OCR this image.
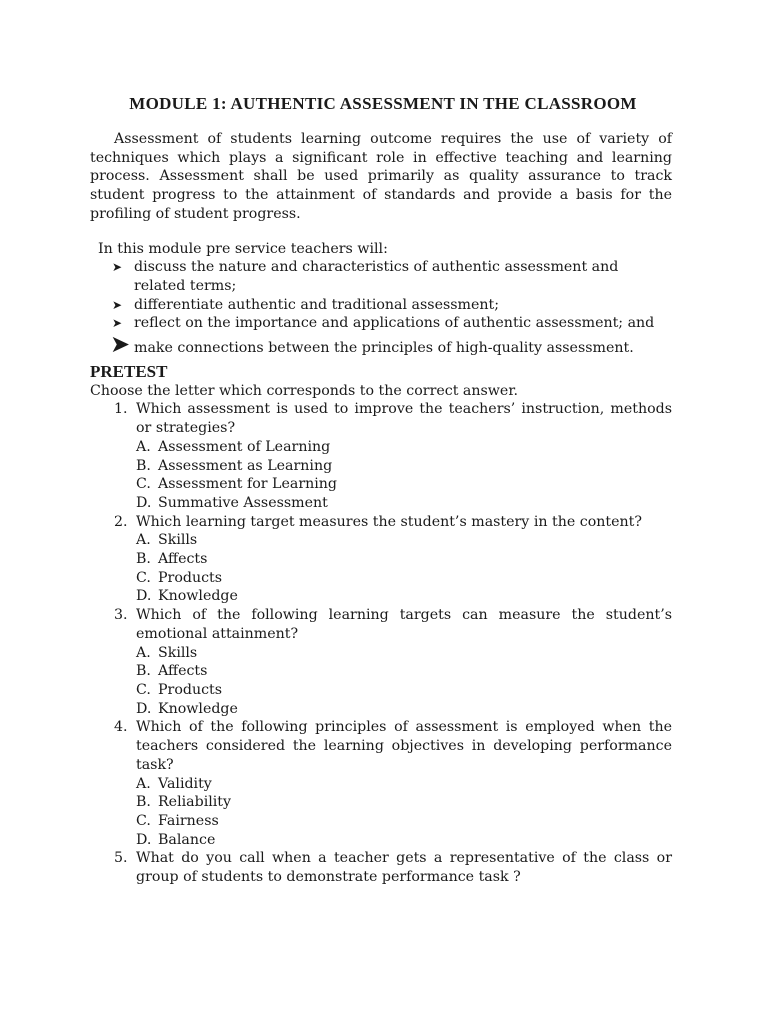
MODULE 1: AUTHENTIC ASSESSMENT IN THE CLASSROOM

Assessment of students learning outcome requires the use of variety of techniques which plays a significant role in effective teaching and learning process. Assessment shall be used primarily as quality assurance to track student progress to the attainment of standards and provide a basis for the profiling of student progress.

In this module pre service teachers will:

➤ discuss the nature and characteristics of authentic assessment and related terms;
➤ differentiate authentic and traditional assessment;
➤ reflect on the importance and applications of authentic assessment; and
➤ make connections between the principles of high-quality assessment.
PRETEST

Choose the letter which corresponds to the correct answer.

1. Which assessment is used to improve the teachers’ instruction, methods or strategies?
A. Assessment of Learning
B. Assessment as Learning
C. Assessment for Learning
D. Summative Assessment
2. Which learning target measures the student’s mastery in the content?
A. Skills
B. Affects
C. Products
D. Knowledge
3. Which of the following learning targets can measure the student’s emotional attainment?
A. Skills
B. Affects
C. Products
D. Knowledge
4. Which of the following principles of assessment is employed when the teachers considered the learning objectives in developing performance task?
A. Validity
B. Reliability
C. Fairness
D. Balance
5. What do you call when a teacher gets a representative of the class or group of students to demonstrate performance task ?
